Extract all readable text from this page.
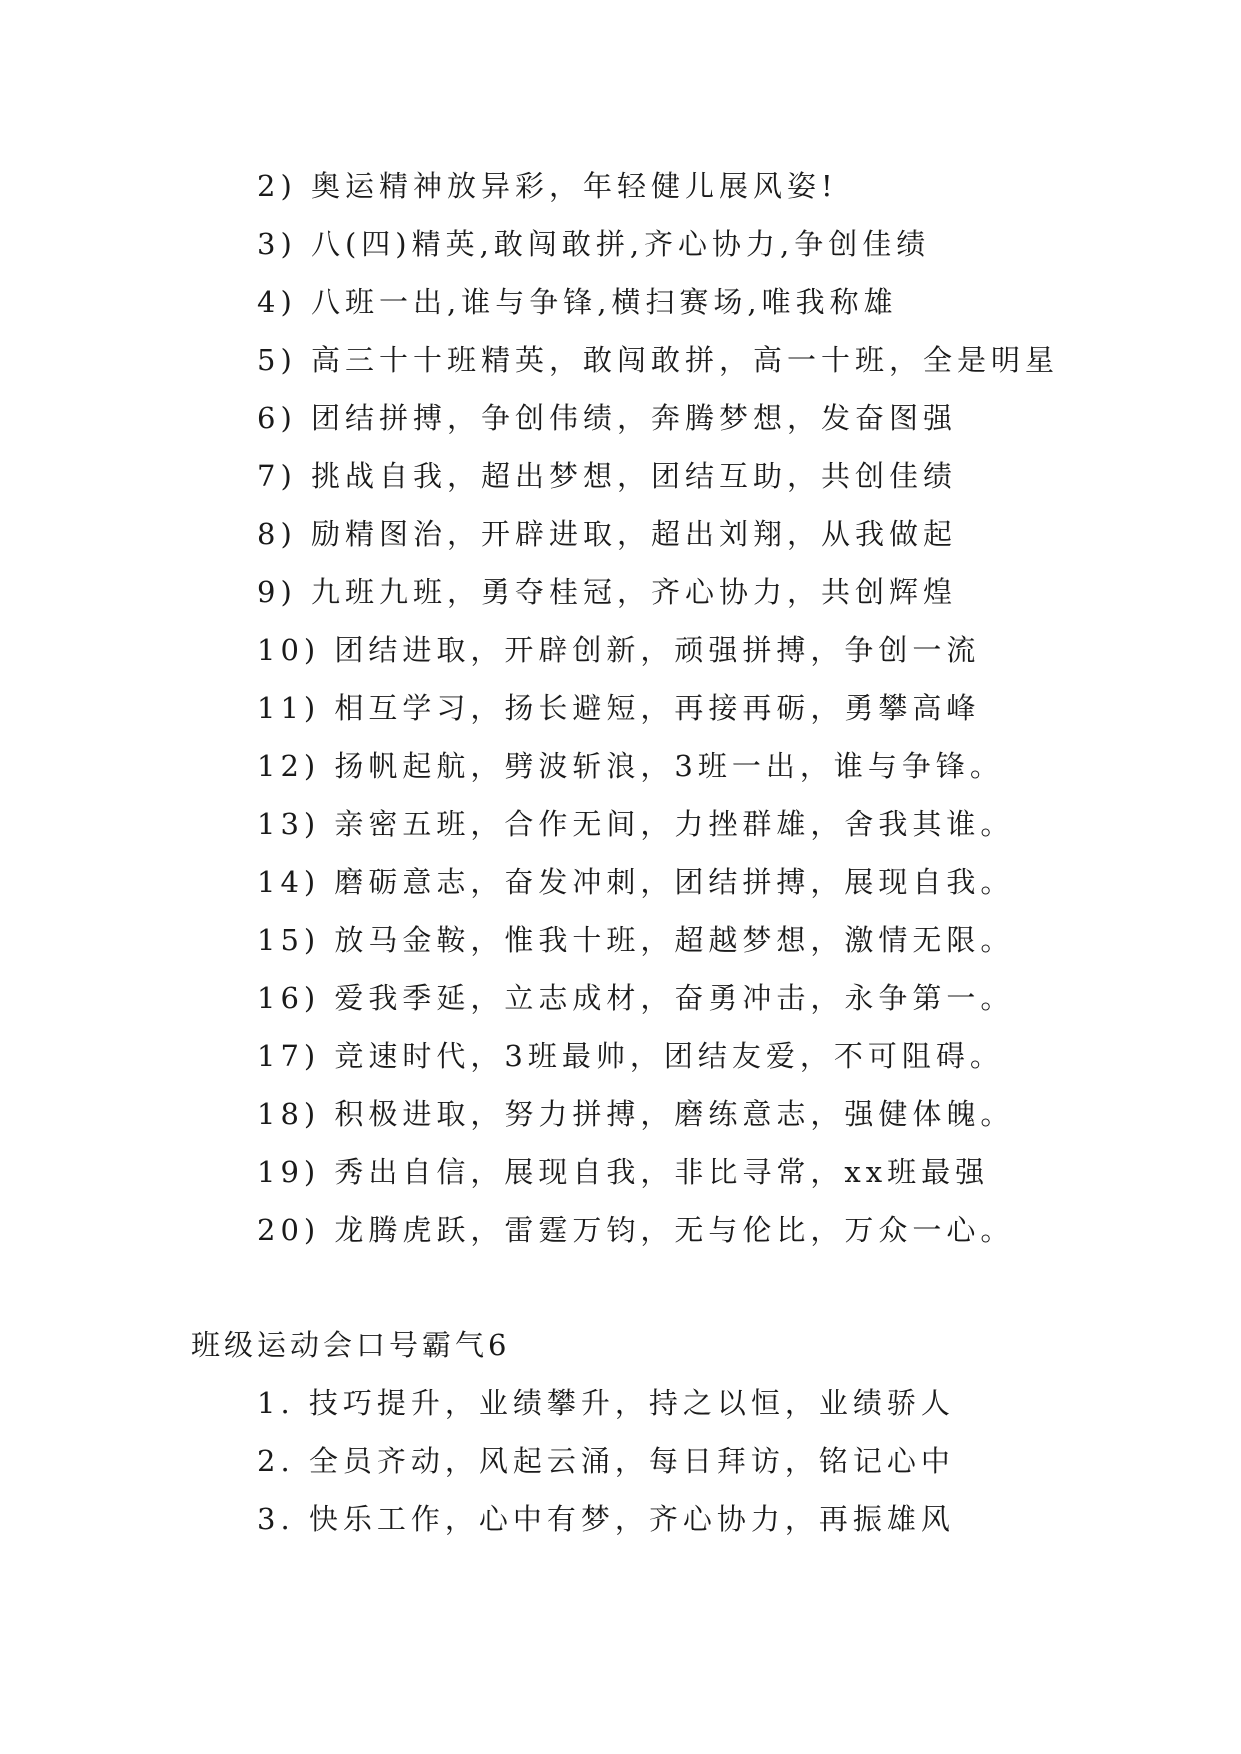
2) 奥运精神放异彩，年轻健儿展风姿!
3) 八(四)精英,敢闯敢拼,齐心协力,争创佳绩
4) 八班一出,谁与争锋,横扫赛场,唯我称雄
5) 高三十十班精英，敢闯敢拼，高一十班，全是明星
6) 团结拼搏，争创伟绩，奔腾梦想，发奋图强
7) 挑战自我，超出梦想，团结互助，共创佳绩
8) 励精图治，开辟进取，超出刘翔，从我做起
9) 九班九班，勇夺桂冠，齐心协力，共创辉煌
10) 团结进取，开辟创新，顽强拼搏，争创一流
11) 相互学习，扬长避短，再接再砺，勇攀高峰
12) 扬帆起航，劈波斩浪，3班一出，谁与争锋。
13) 亲密五班，合作无间，力挫群雄，舍我其谁。
14) 磨砺意志，奋发冲刺，团结拼搏，展现自我。
15) 放马金鞍，惟我十班，超越梦想，激情无限。
16) 爱我季延，立志成材，奋勇冲击，永争第一。
17) 竞速时代，3班最帅，团结友爱，不可阻碍。
18) 积极进取，努力拼搏，磨练意志，强健体魄。
19) 秀出自信，展现自我，非比寻常，xx班最强
20) 龙腾虎跃，雷霆万钧，无与伦比，万众一心。
班级运动会口号霸气6
1. 技巧提升，业绩攀升，持之以恒，业绩骄人
2. 全员齐动，风起云涌，每日拜访，铭记心中
3. 快乐工作，心中有梦，齐心协力，再振雄风
